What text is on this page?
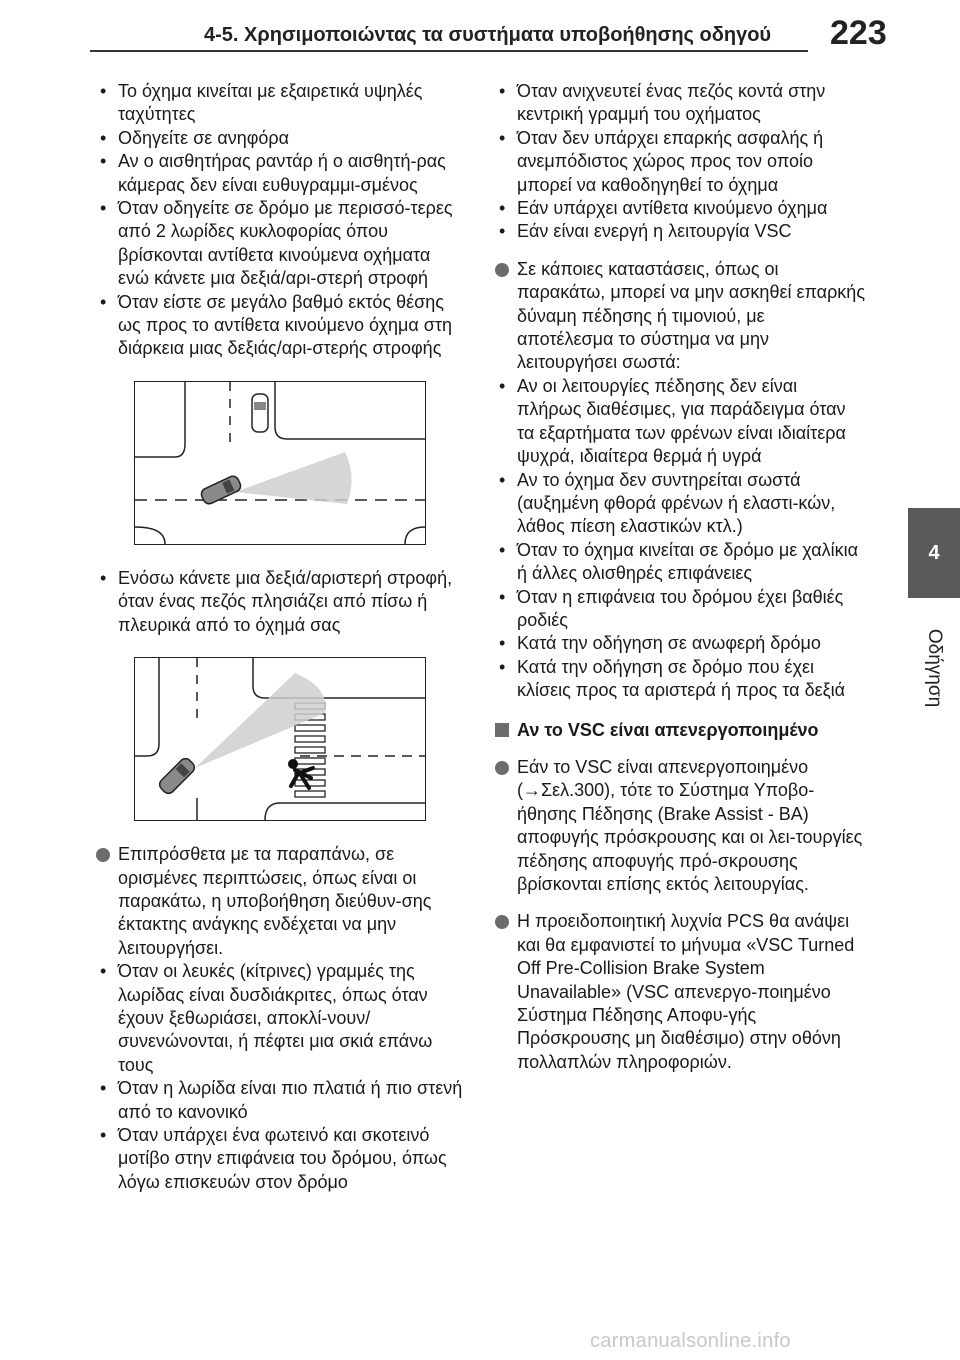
4-5. Χρησιμοποιώντας τα συστήματα υποβοήθησης οδηγού 223
4
Οδήγηση

• Το όχημα κινείται με εξαιρετικά υψηλές ταχύτητες

• Οδηγείτε σε ανηφόρα

• Αν ο αισθητήρας ραντάρ ή ο αισθητή-ρας κάμερας δεν είναι ευθυγραμμι-σμένος

• Όταν οδηγείτε σε δρόμο με περισσό-τερες από 2 λωρίδες κυκλοφορίας όπου βρίσκονται αντίθετα κινούμενα οχήματα ενώ κάνετε μια δεξιά/αρι-στερή στροφή

• Όταν είστε σε μεγάλο βαθμό εκτός θέσης ως προς το αντίθετα κινούμενο όχημα στη διάρκεια μιας δεξιάς/αρι-στερής στροφής

• Ενόσω κάνετε μια δεξιά/αριστερή στροφή, όταν ένας πεζός πλησιάζει από πίσω ή πλευρικά από το όχημά σας

Επιπρόσθετα με τα παραπάνω, σε ορισμένες περιπτώσεις, όπως είναι οι παρακάτω, η υποβοήθηση διεύθυν-σης έκτακτης ανάγκης ενδέχεται να μην λειτουργήσει.

• Όταν οι λευκές (κίτρινες) γραμμές της λωρίδας είναι δυσδιάκριτες, όπως όταν έχουν ξεθωριάσει, αποκλί-νουν/συνενώνονται, ή πέφτει μια σκιά επάνω τους

• Όταν η λωρίδα είναι πιο πλατιά ή πιο στενή από το κανονικό

• Όταν υπάρχει ένα φωτεινό και σκοτεινό μοτίβο στην επιφάνεια του δρόμου, όπως λόγω επισκευών στον δρόμο

• Όταν ανιχνευτεί ένας πεζός κοντά στην κεντρική γραμμή του οχήματος

• Όταν δεν υπάρχει επαρκής ασφαλής ή ανεμπόδιστος χώρος προς τον οποίο μπορεί να καθοδηγηθεί το όχημα

• Εάν υπάρχει αντίθετα κινούμενο όχημα

• Εάν είναι ενεργή η λειτουργία VSC

Σε κάποιες καταστάσεις, όπως οι παρακάτω, μπορεί να μην ασκηθεί επαρκής δύναμη πέδησης ή τιμονιού, με αποτέλεσμα το σύστημα να μην λειτουργήσει σωστά:

• Αν οι λειτουργίες πέδησης δεν είναι πλήρως διαθέσιμες, για παράδειγμα όταν τα εξαρτήματα των φρένων είναι ιδιαίτερα ψυχρά, ιδιαίτερα θερμά ή υγρά

• Αν το όχημα δεν συντηρείται σωστά (αυξημένη φθορά φρένων ή ελαστι-κών, λάθος πίεση ελαστικών κτλ.)

• Όταν το όχημα κινείται σε δρόμο με χαλίκια ή άλλες ολισθηρές επιφάνειες

• Όταν η επιφάνεια του δρόμου έχει βαθιές ροδιές

• Κατά την οδήγηση σε ανωφερή δρόμο

• Κατά την οδήγηση σε δρόμο που έχει κλίσεις προς τα αριστερά ή προς τα δεξιά

Αν το VSC είναι απενεργοποιημένο

Εάν το VSC είναι απενεργοποιημένο (→Σελ.300), τότε το Σύστημα Υποβο-ήθησης Πέδησης (Brake Assist - BA) αποφυγής πρόσκρουσης και οι λει-τουργίες πέδησης αποφυγής πρό-σκρουσης βρίσκονται επίσης εκτός λειτουργίας.

Η προειδοποιητική λυχνία PCS θα ανάψει και θα εμφανιστεί το μήνυμα «VSC Turned Off Pre-Collision Brake System Unavailable» (VSC απενεργο-ποιημένο Σύστημα Πέδησης Αποφυ-γής Πρόσκρουσης μη διαθέσιμο) στην οθόνη πολλαπλών πληροφοριών.

carmanualsonline.info
